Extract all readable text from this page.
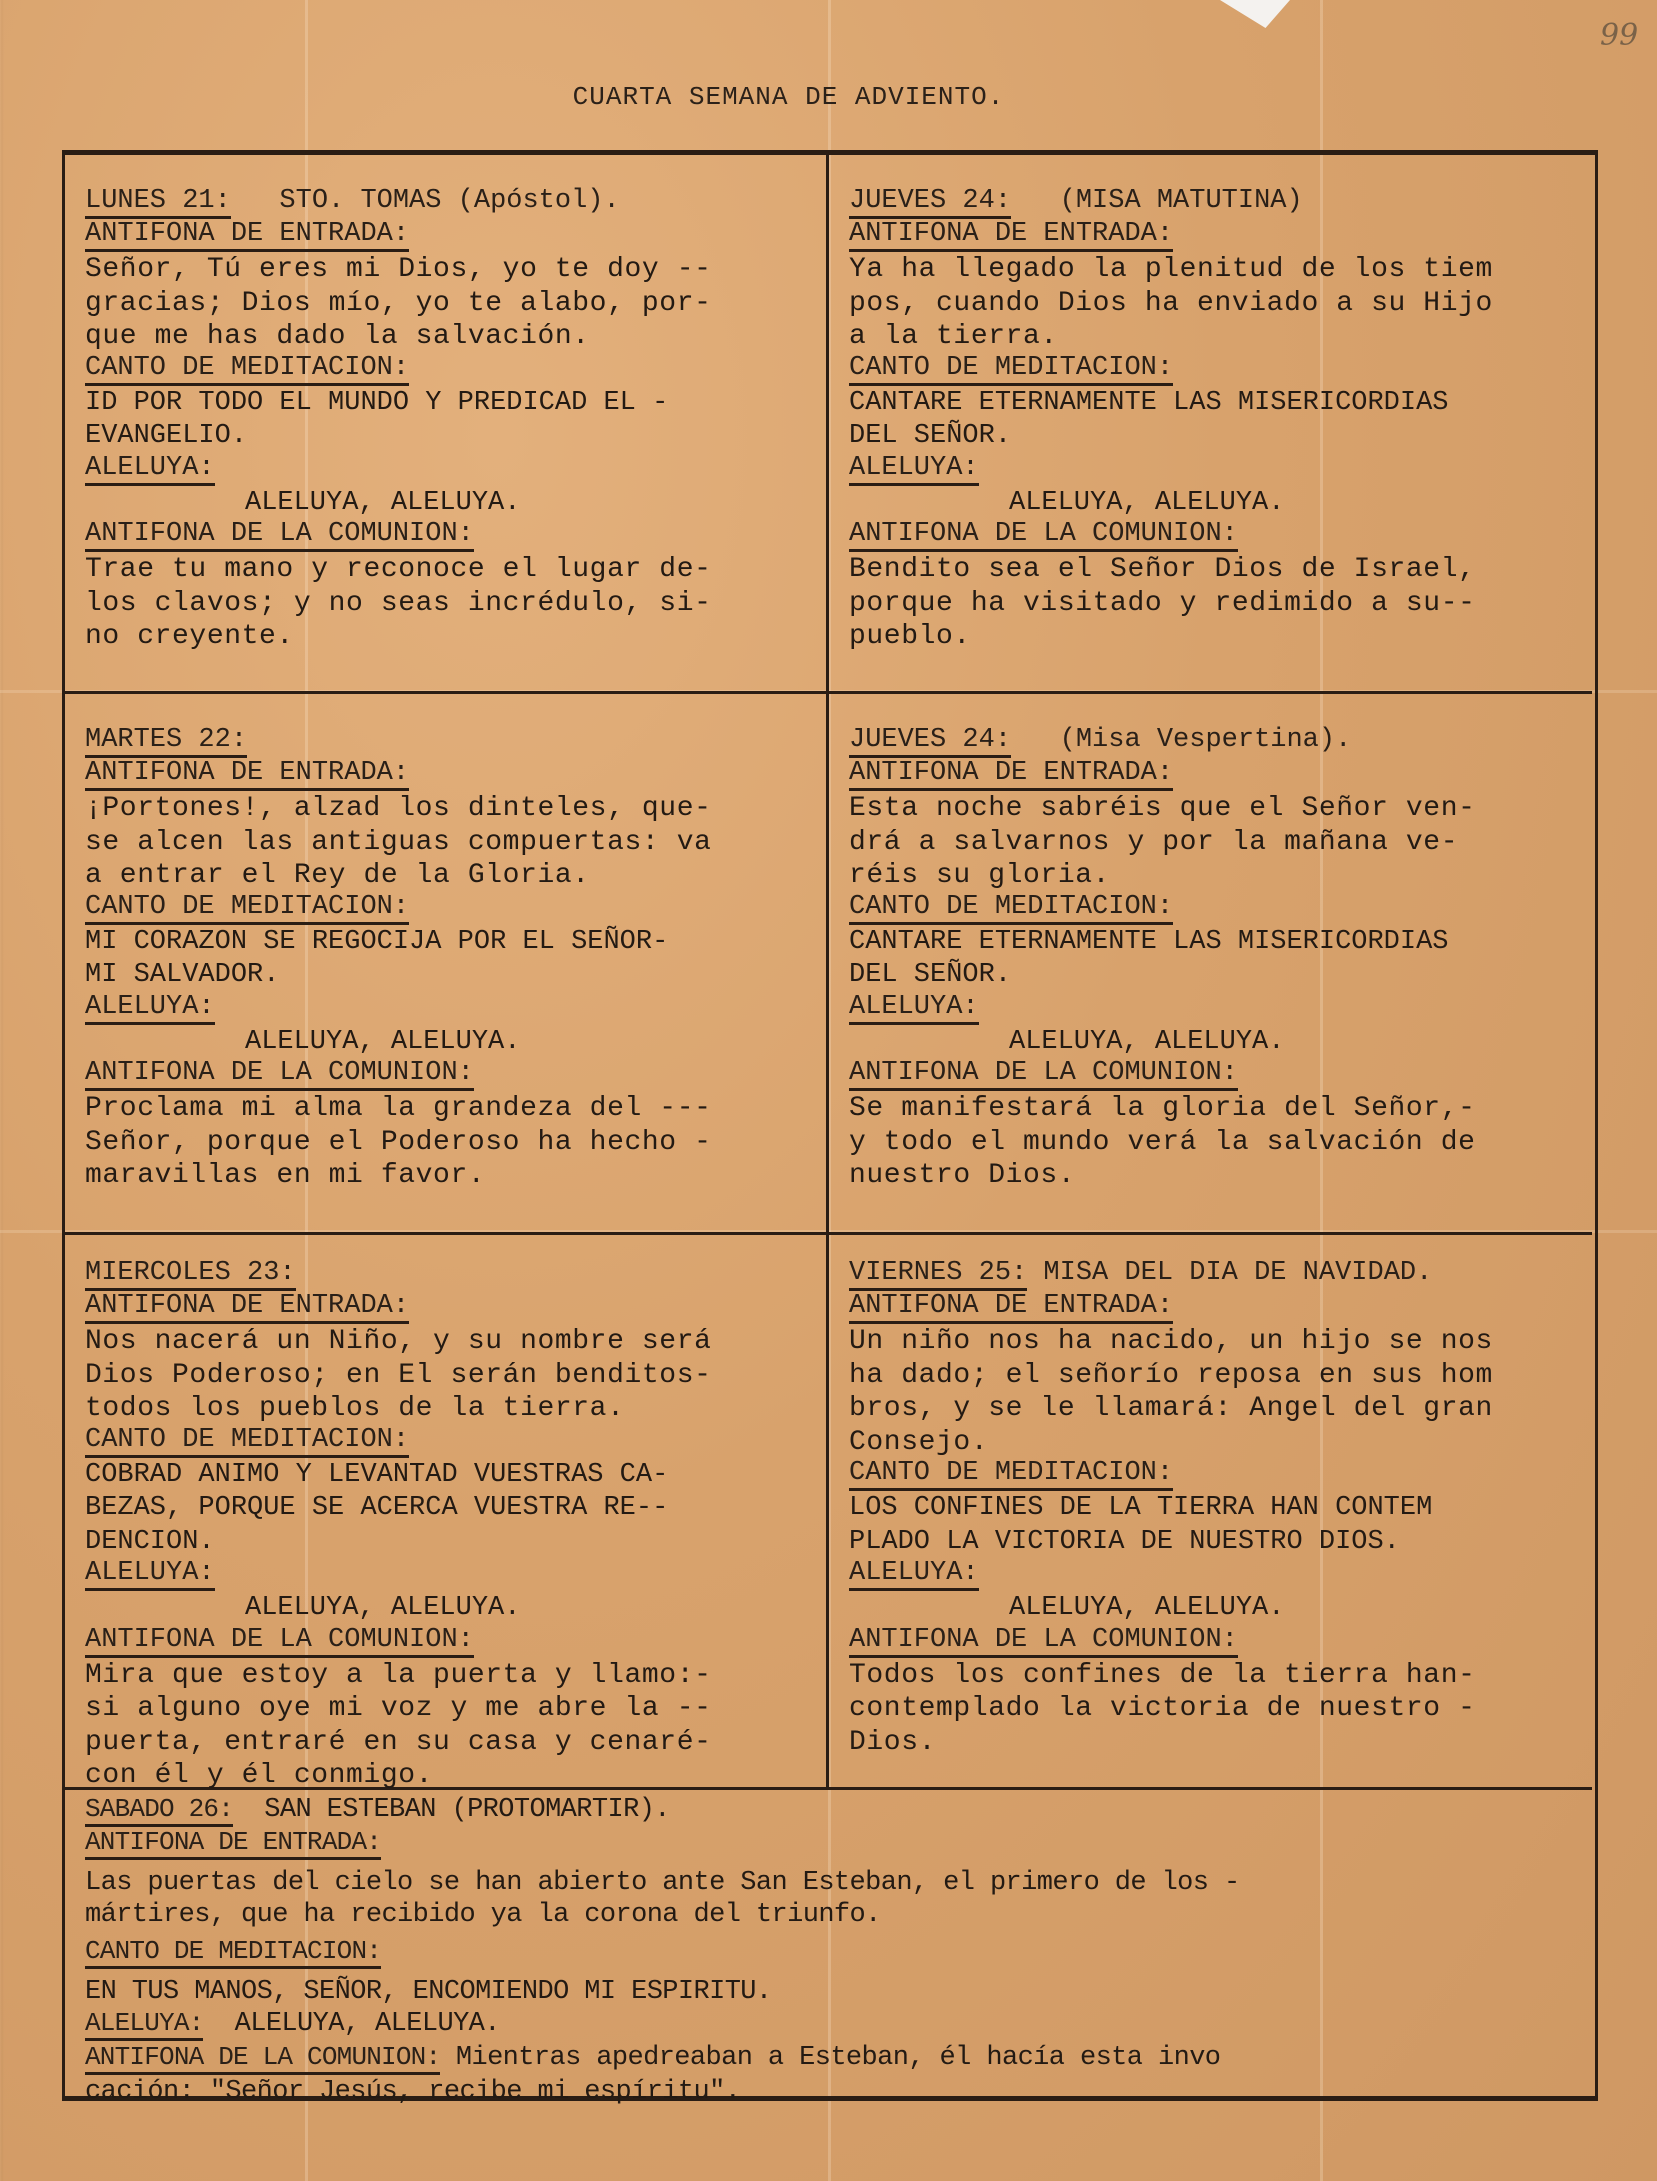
99
CUARTA SEMANA DE ADVIENTO.
LUNES 21:   STO. TOMAS (Apóstol).
ANTIFONA DE ENTRADA:
Señor, Tú eres mi Dios, yo te doy --
gracias; Dios mío, yo te alabo, por-
que me has dado la salvación.
CANTO DE MEDITACION:
ID POR TODO EL MUNDO Y PREDICAD EL -
EVANGELIO.
ALELUYA:
ALELUYA, ALELUYA.
ANTIFONA DE LA COMUNION:
Trae tu mano y reconoce el lugar de-
los clavos; y no seas incrédulo, si-
no creyente.
JUEVES 24:   (MISA MATUTINA)
ANTIFONA DE ENTRADA:
Ya ha llegado la plenitud de los tiem
pos, cuando Dios ha enviado a su Hijo
a la tierra.
CANTO DE MEDITACION:
CANTARE ETERNAMENTE LAS MISERICORDIAS
DEL SEÑOR.
ALELUYA:
ALELUYA, ALELUYA.
ANTIFONA DE LA COMUNION:
Bendito sea el Señor Dios de Israel,
porque ha visitado y redimido a su--
pueblo.
MARTES 22:
ANTIFONA DE ENTRADA:
¡Portones!, alzad los dinteles, que-
se alcen las antiguas compuertas: va
a entrar el Rey de la Gloria.
CANTO DE MEDITACION:
MI CORAZON SE REGOCIJA POR EL SEÑOR-
MI SALVADOR.
ALELUYA:
ALELUYA, ALELUYA.
ANTIFONA DE LA COMUNION:
Proclama mi alma la grandeza del ---
Señor, porque el Poderoso ha hecho -
maravillas en mi favor.
JUEVES 24:   (Misa Vespertina).
ANTIFONA DE ENTRADA:
Esta noche sabréis que el Señor ven-
drá a salvarnos y por la mañana ve-
réis su gloria.
CANTO DE MEDITACION:
CANTARE ETERNAMENTE LAS MISERICORDIAS
DEL SEÑOR.
ALELUYA:
ALELUYA, ALELUYA.
ANTIFONA DE LA COMUNION:
Se manifestará la gloria del Señor,-
y todo el mundo verá la salvación de
nuestro Dios.
MIERCOLES 23:
ANTIFONA DE ENTRADA:
Nos nacerá un Niño, y su nombre será
Dios Poderoso; en El serán benditos-
todos los pueblos de la tierra.
CANTO DE MEDITACION:
COBRAD ANIMO Y LEVANTAD VUESTRAS CA-
BEZAS, PORQUE SE ACERCA VUESTRA RE--
DENCION.
ALELUYA:
ALELUYA, ALELUYA.
ANTIFONA DE LA COMUNION:
Mira que estoy a la puerta y llamo:-
si alguno oye mi voz y me abre la --
puerta, entraré en su casa y cenaré-
con él y él conmigo.
VIERNES 25: MISA DEL DIA DE NAVIDAD.
ANTIFONA DE ENTRADA:
Un niño nos ha nacido, un hijo se nos
ha dado; el señorío reposa en sus hom
bros, y se le llamará: Angel del gran
Consejo.
CANTO DE MEDITACION:
LOS CONFINES DE LA TIERRA HAN CONTEM
PLADO LA VICTORIA DE NUESTRO DIOS.
ALELUYA:
ALELUYA, ALELUYA.
ANTIFONA DE LA COMUNION:
Todos los confines de la tierra han-
contemplado la victoria de nuestro -
Dios.
SABADO 26:  SAN ESTEBAN (PROTOMARTIR).
ANTIFONA DE ENTRADA:
Las puertas del cielo se han abierto ante San Esteban, el primero de los -
mártires, que ha recibido ya la corona del triunfo.
CANTO DE MEDITACION:
EN TUS MANOS, SEÑOR, ENCOMIENDO MI ESPIRITU.
ALELUYA:  ALELUYA, ALELUYA.
ANTIFONA DE LA COMUNION: Mientras apedreaban a Esteban, él hacía esta invo
cación: "Señor Jesús, recibe mi espíritu".
